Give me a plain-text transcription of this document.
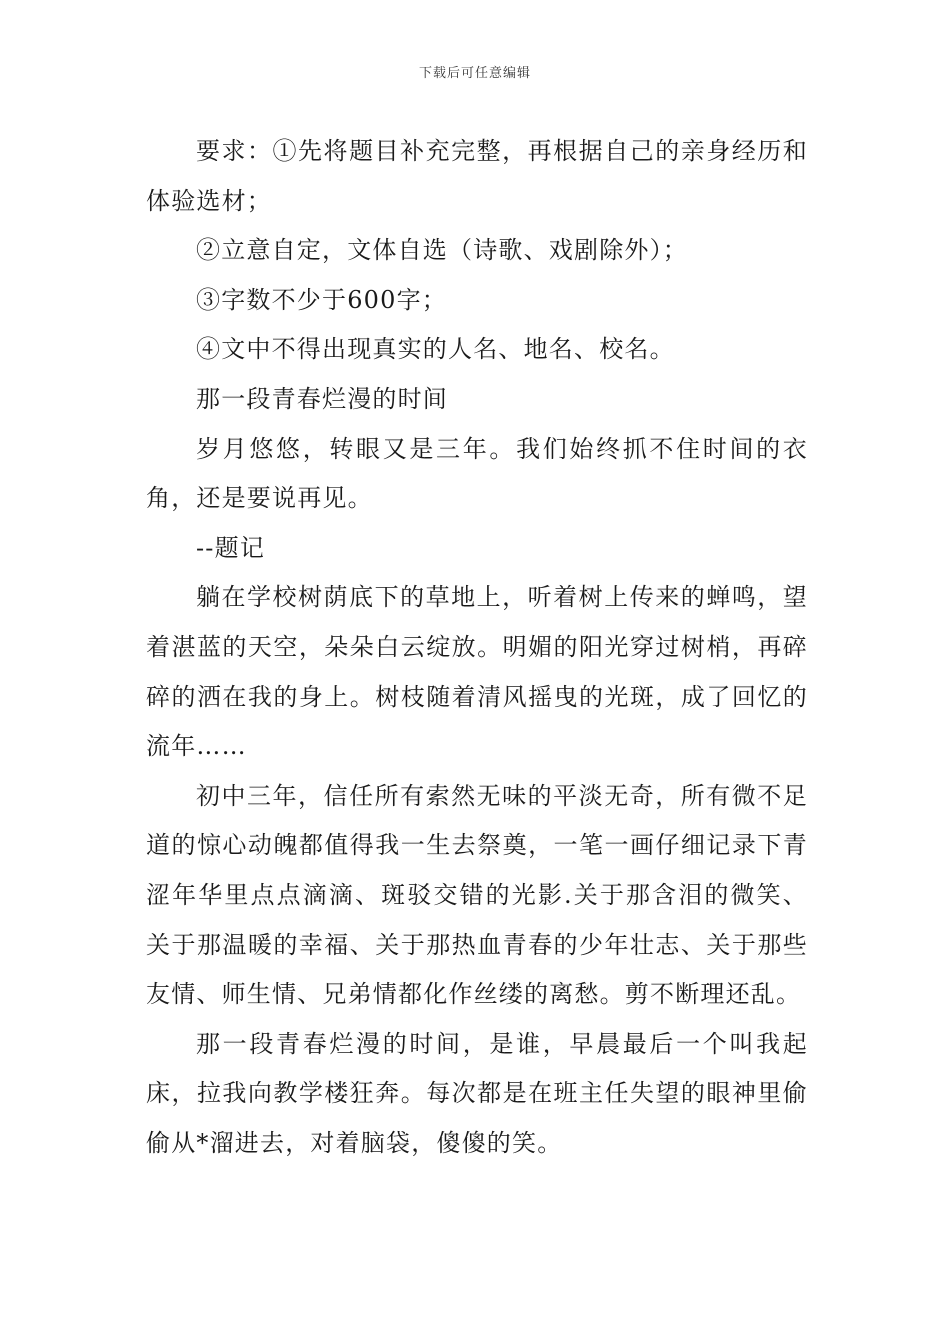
下载后可任意编辑

要求：①先将题目补充完整，再根据自己的亲身经历和体验选材；

②立意自定，文体自选（诗歌、戏剧除外）；

③字数不少于600字；

④文中不得出现真实的人名、地名、校名。

那一段青春烂漫的时间

岁月悠悠，转眼又是三年。我们始终抓不住时间的衣角，还是要说再见。

--题记

躺在学校树荫底下的草地上，听着树上传来的蝉鸣，望着湛蓝的天空，朵朵白云绽放。明媚的阳光穿过树梢，再碎碎的洒在我的身上。树枝随着清风摇曳的光斑，成了回忆的流年……

初中三年，信任所有索然无味的平淡无奇，所有微不足道的惊心动魄都值得我一生去祭奠，一笔一画仔细记录下青涩年华里点点滴滴、斑驳交错的光影.关于那含泪的微笑、关于那温暖的幸福、关于那热血青春的少年壮志、关于那些友情、师生情、兄弟情都化作丝缕的离愁。剪不断理还乱。

那一段青春烂漫的时间，是谁，早晨最后一个叫我起床，拉我向教学楼狂奔。每次都是在班主任失望的眼神里偷偷从*溜进去，对着脑袋，傻傻的笑。
